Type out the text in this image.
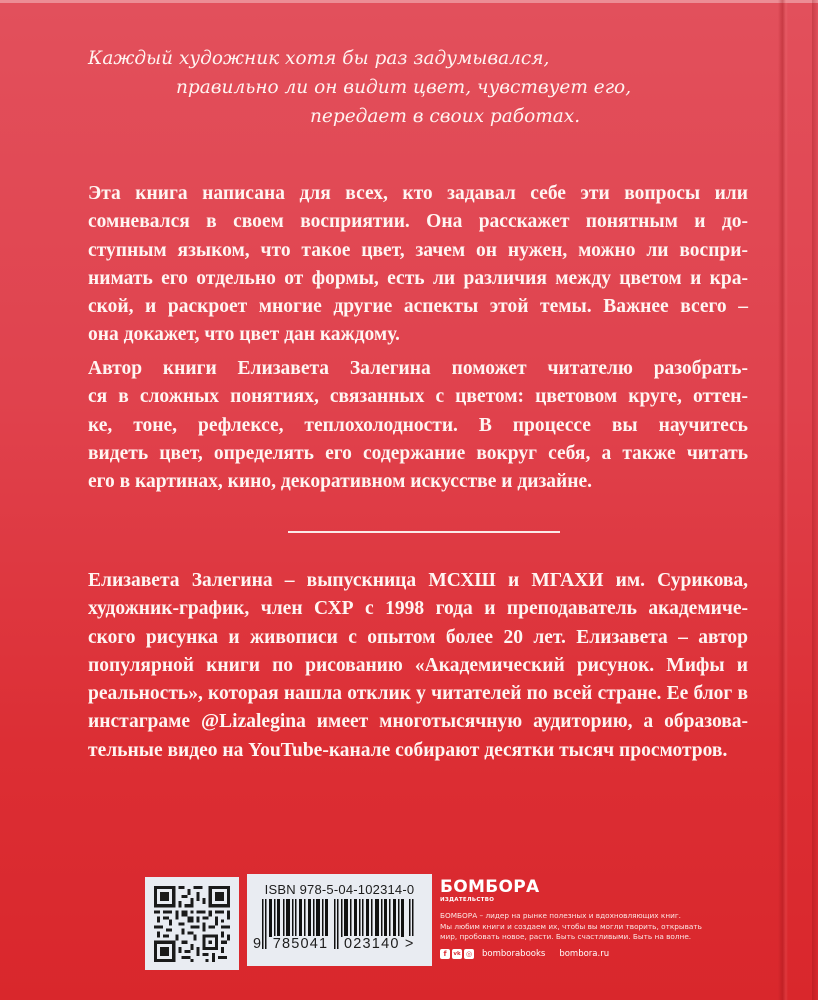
Каждый художник хотя бы раз задумывался,
правильно ли он видит цвет, чувствует его,
передает в своих работах.
Эта книга написана для всех, кто задавал себе эти вопросы или
сомневался в своем восприятии. Она расскажет понятным и до-
ступным языком, что такое цвет, зачем он нужен, можно ли воспри-
нимать его отдельно от формы, есть ли различия между цветом и кра-
ской, и раскроет многие другие аспекты этой темы. Важнее всего –
она докажет, что цвет дан каждому.
Автор книги Елизавета Залегина поможет читателю разобрать-
ся в сложных понятиях, связанных с цветом: цветовом круге, оттен-
ке, тоне, рефлексе, теплохолодности. В процессе вы научитесь
видеть цвет, определять его содержание вокруг себя, а также читать
его в картинах, кино, декоративном искусстве и дизайне.
Елизавета Залегина – выпускница МСХШ и МГАХИ им. Сурикова,
художник-график, член СХР с 1998 года и преподаватель академиче-
ского рисунка и живописи с опытом более 20 лет. Елизавета – автор
популярной книги по рисованию «Академический рисунок. Мифы и
реальность», которая нашла отклик у читателей по всей стране. Ее блог в
инстаграме @Lizalegina имеет многотысячную аудиторию, а образова-
тельные видео на YouTube-канале собирают десятки тысяч просмотров.
ISBN 978-5-04-102314-0
9 785041 023140 >
БОМБОРА
ИЗДАТЕЛЬСТВО
БОМБОРА – лидер на рынке полезных и вдохновляющих книг.
Мы любим книги и создаем их, чтобы вы могли творить, открывать
мир, пробовать новое, расти. Быть счастливыми. Быть на волне.
f	vk ◎ bomborabooks bombora.ru
